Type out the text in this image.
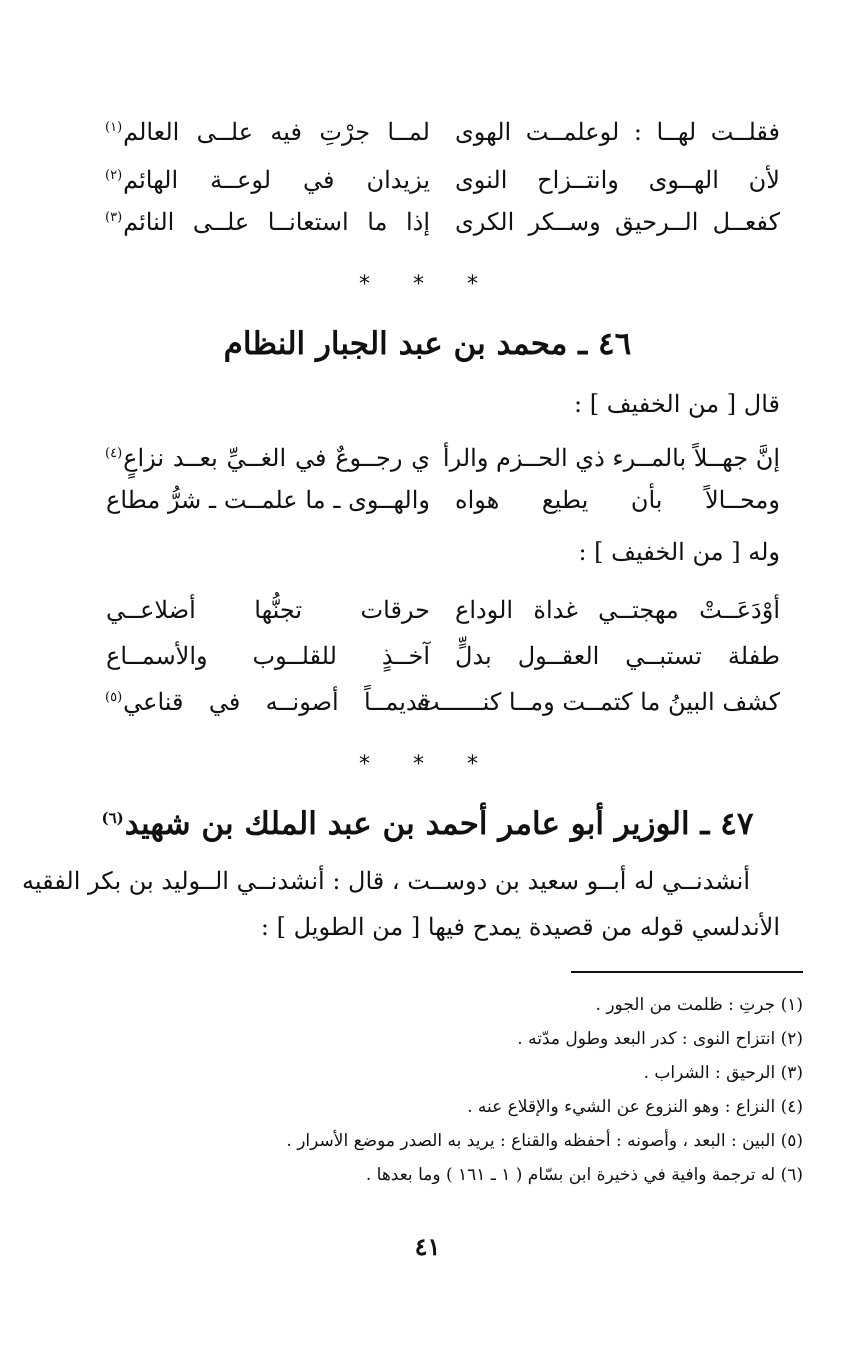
فقلــت لهــا : لوعلمــت الهوى
لمــا جرْتِ فيه علــى العالم$^{(١)}$
لأن الهــوى وانتــزاح النوى
يزيدان في لوعــة الهائم$^{(٢)}$
كفعــل الــرحيق وســكر الكرى
إذا ما استعانــا علــى النائم$^{(٣)}$
* * *
٤٦ ـ محمد بن عبد الجبار النظام
قال [ من الخفيف ] :
إنَّ جهــلاً بالمــرء ذي الحــزم والرأ
ي رجــوعٌ في الغــيِّ بعــد نزاعٍ$^{(٤)}$
ومحــالاً بأن يطيع هواه
والهــوى ـ ما علمــت ـ شرُّ مطاع
وله [ من الخفيف ] :
أوْدَعَــتْ مهجتــي غداة الوداع
حرقات تجنُّها أضلاعــي
طفلة تستبــي العقــول بدلٍّ
آخــذٍ للقلــوب والأسمــاع
كشف البينُ ما كتمــت ومــا كنــــــت
قديمــاً أصونــه في قناعي$^{(٥)}$
* * *
٤٧ ـ الوزير أبو عامر أحمد بن عبد الملك بن شهيد$^{(٦)}$
أنشدنــي له أبــو سعيد بن دوســت ، قال : أنشدنــي الــوليد بن بكر الفقيه
الأندلسي قوله من قصيدة يمدح فيها [ من الطويل ] :
(١) جرتِ : ظلمت من الجور .
(٢) انتزاح النوى : كدر البعد وطول مدّته .
(٣) الرحيق : الشراب .
(٤) النزاع : وهو النزوع عن الشيء والإقلاع عنه .
(٥) البين : البعد ، وأصونه : أحفظه والقناع : يريد به الصدر موضع الأسرار .
(٦) له ترجمة وافية في ذخيرة ابن بسّام ( ١ ـ ١٦١ ) وما بعدها .
٤١
